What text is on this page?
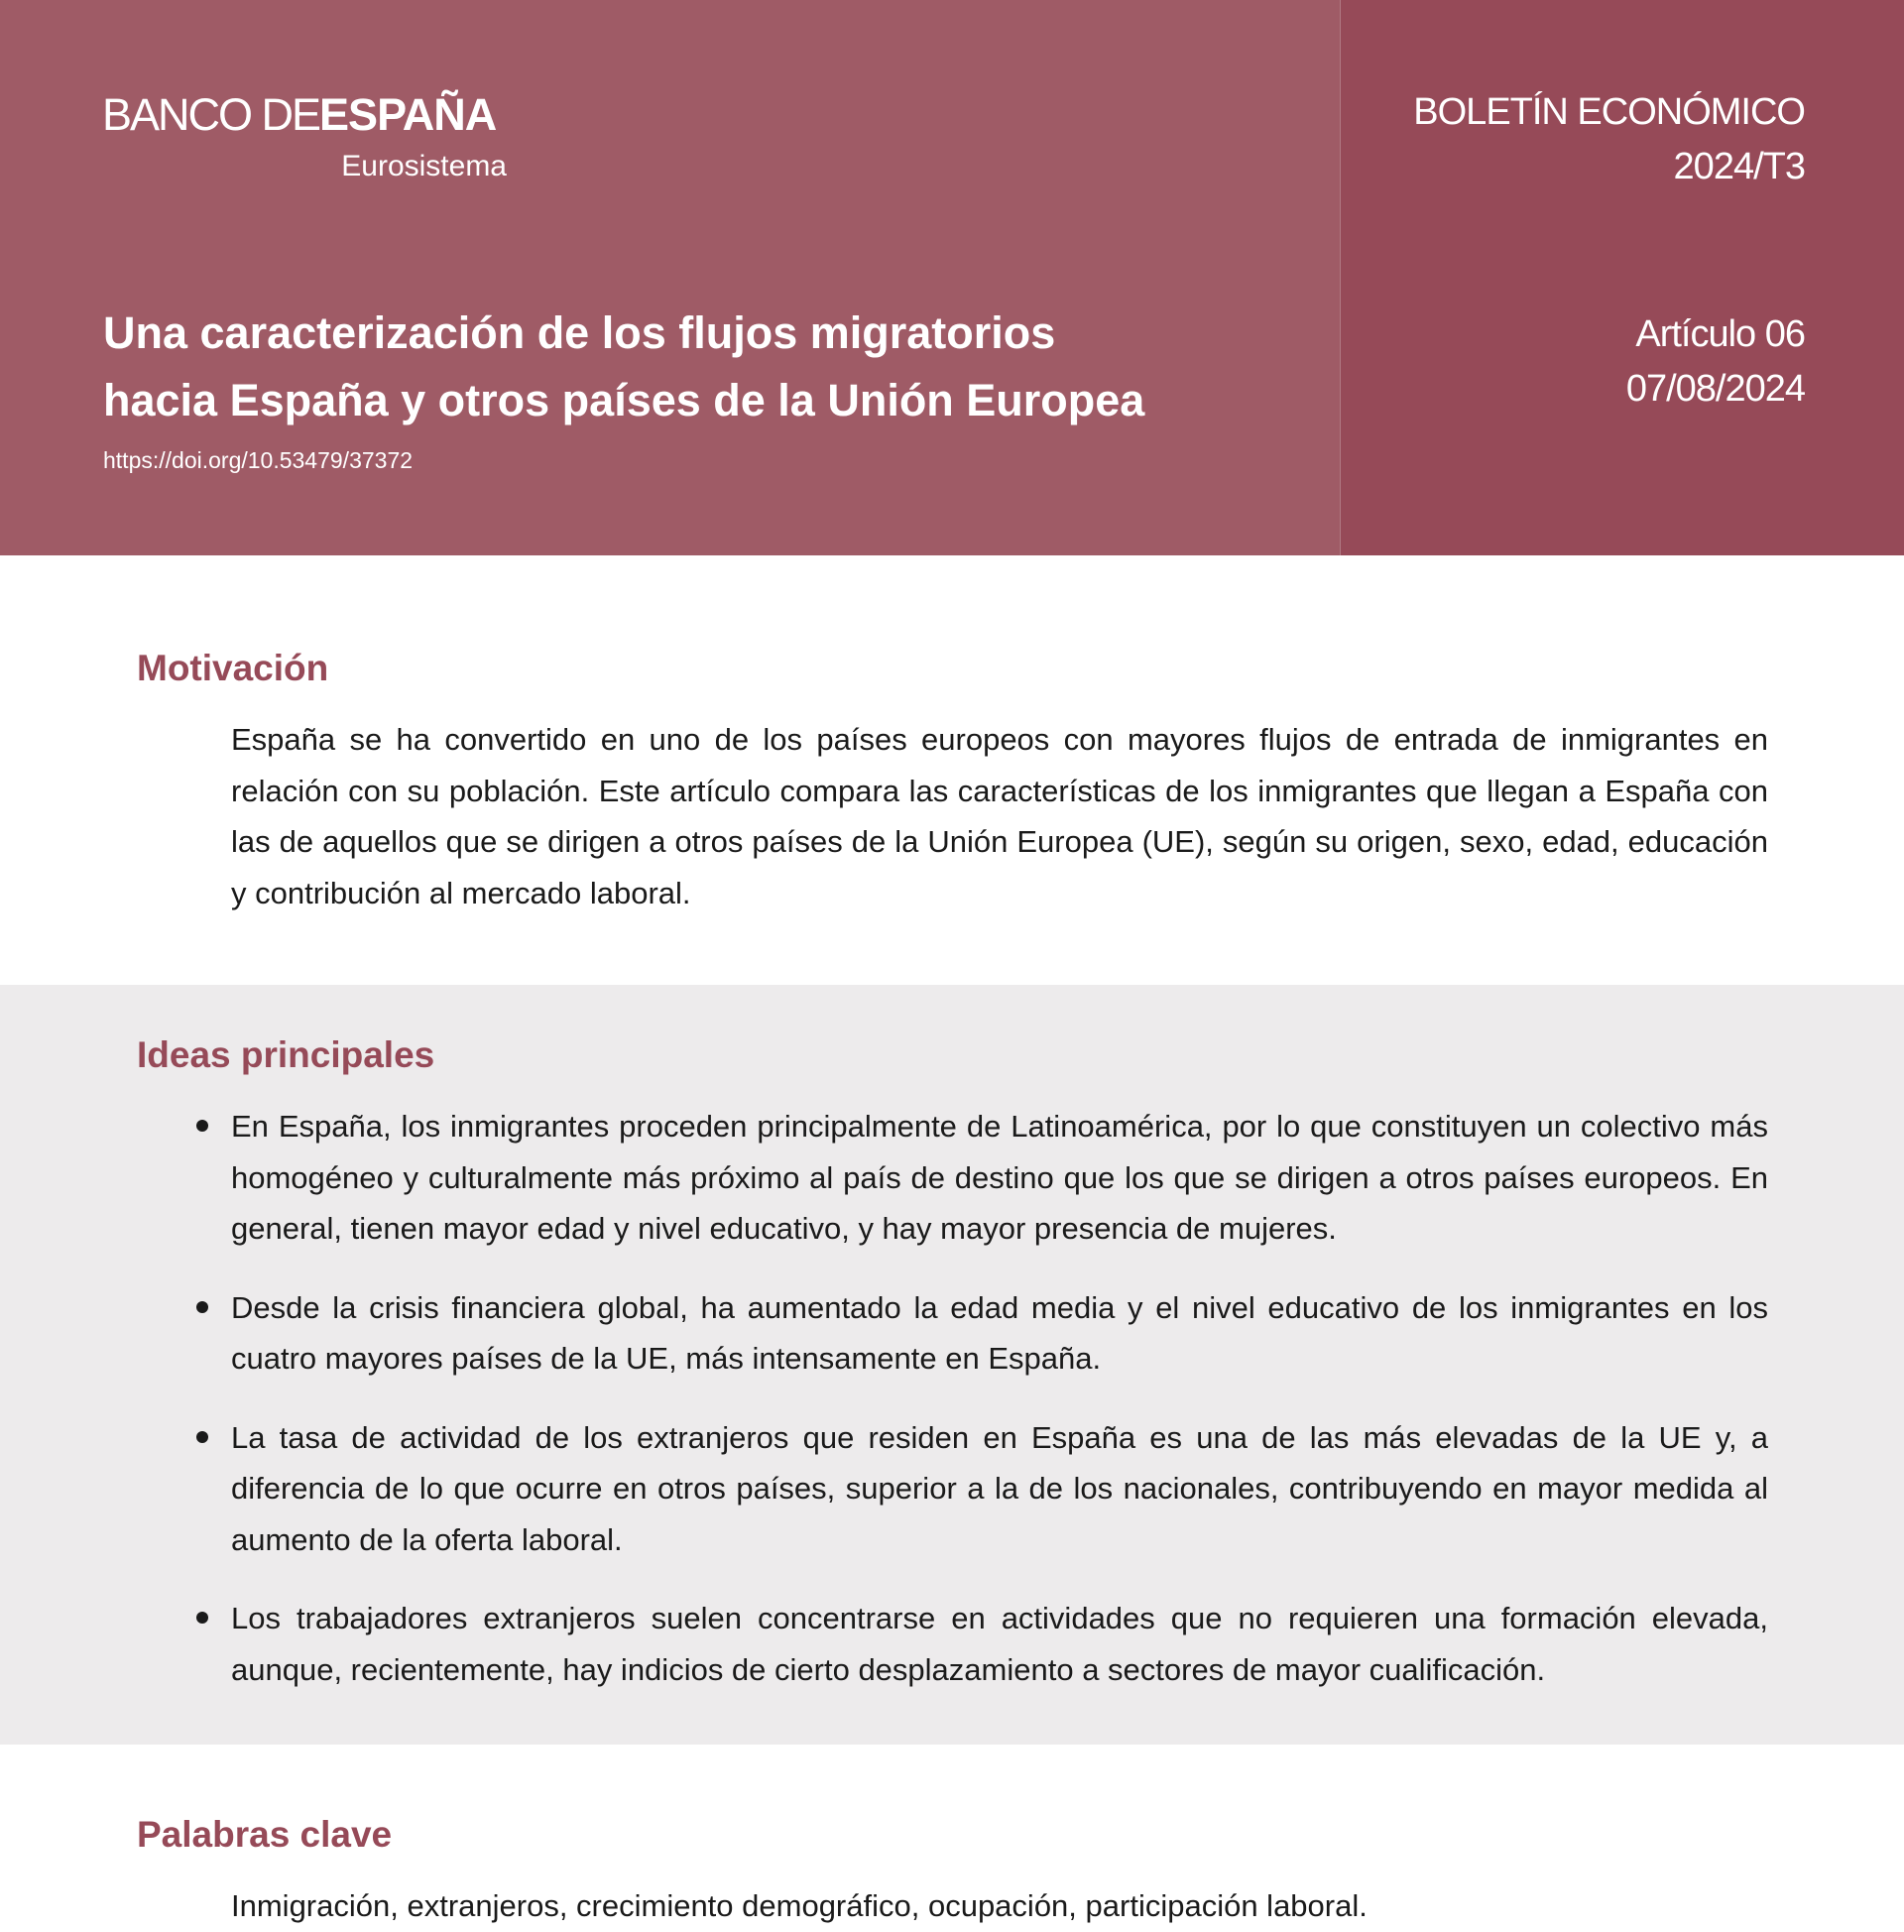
BANCO DEESPAÑA
Eurosistema
BOLETÍN ECONÓMICO
2024/T3
Una caracterización de los flujos migratorios
hacia España y otros países de la Unión Europea
https://doi.org/10.53479/37372
Artículo 06
07/08/2024
Motivación
España se ha convertido en uno de los países europeos con mayores flujos de entrada de inmigrantes en relación con su población. Este artículo compara las características de los inmigrantes que llegan a España con las de aquellos que se dirigen a otros países de la Unión Europea (UE), según su origen, sexo, edad, educación y contribución al mercado laboral.
Ideas principales
En España, los inmigrantes proceden principalmente de Latinoamérica, por lo que constituyen un colectivo más homogéneo y culturalmente más próximo al país de destino que los que se dirigen a otros países europeos. En general, tienen mayor edad y nivel educativo, y hay mayor presencia de mujeres.
Desde la crisis financiera global, ha aumentado la edad media y el nivel educativo de los inmigrantes en los cuatro mayores países de la UE, más intensamente en España.
La tasa de actividad de los extranjeros que residen en España es una de las más elevadas de la UE y, a diferencia de lo que ocurre en otros países, superior a la de los nacionales, contribuyendo en mayor medida al aumento de la oferta laboral.
Los trabajadores extranjeros suelen concentrarse en actividades que no requieren una formación elevada, aunque, recientemente, hay indicios de cierto desplazamiento a sectores de mayor cualificación.
Palabras clave
Inmigración, extranjeros, crecimiento demográfico, ocupación, participación laboral.
